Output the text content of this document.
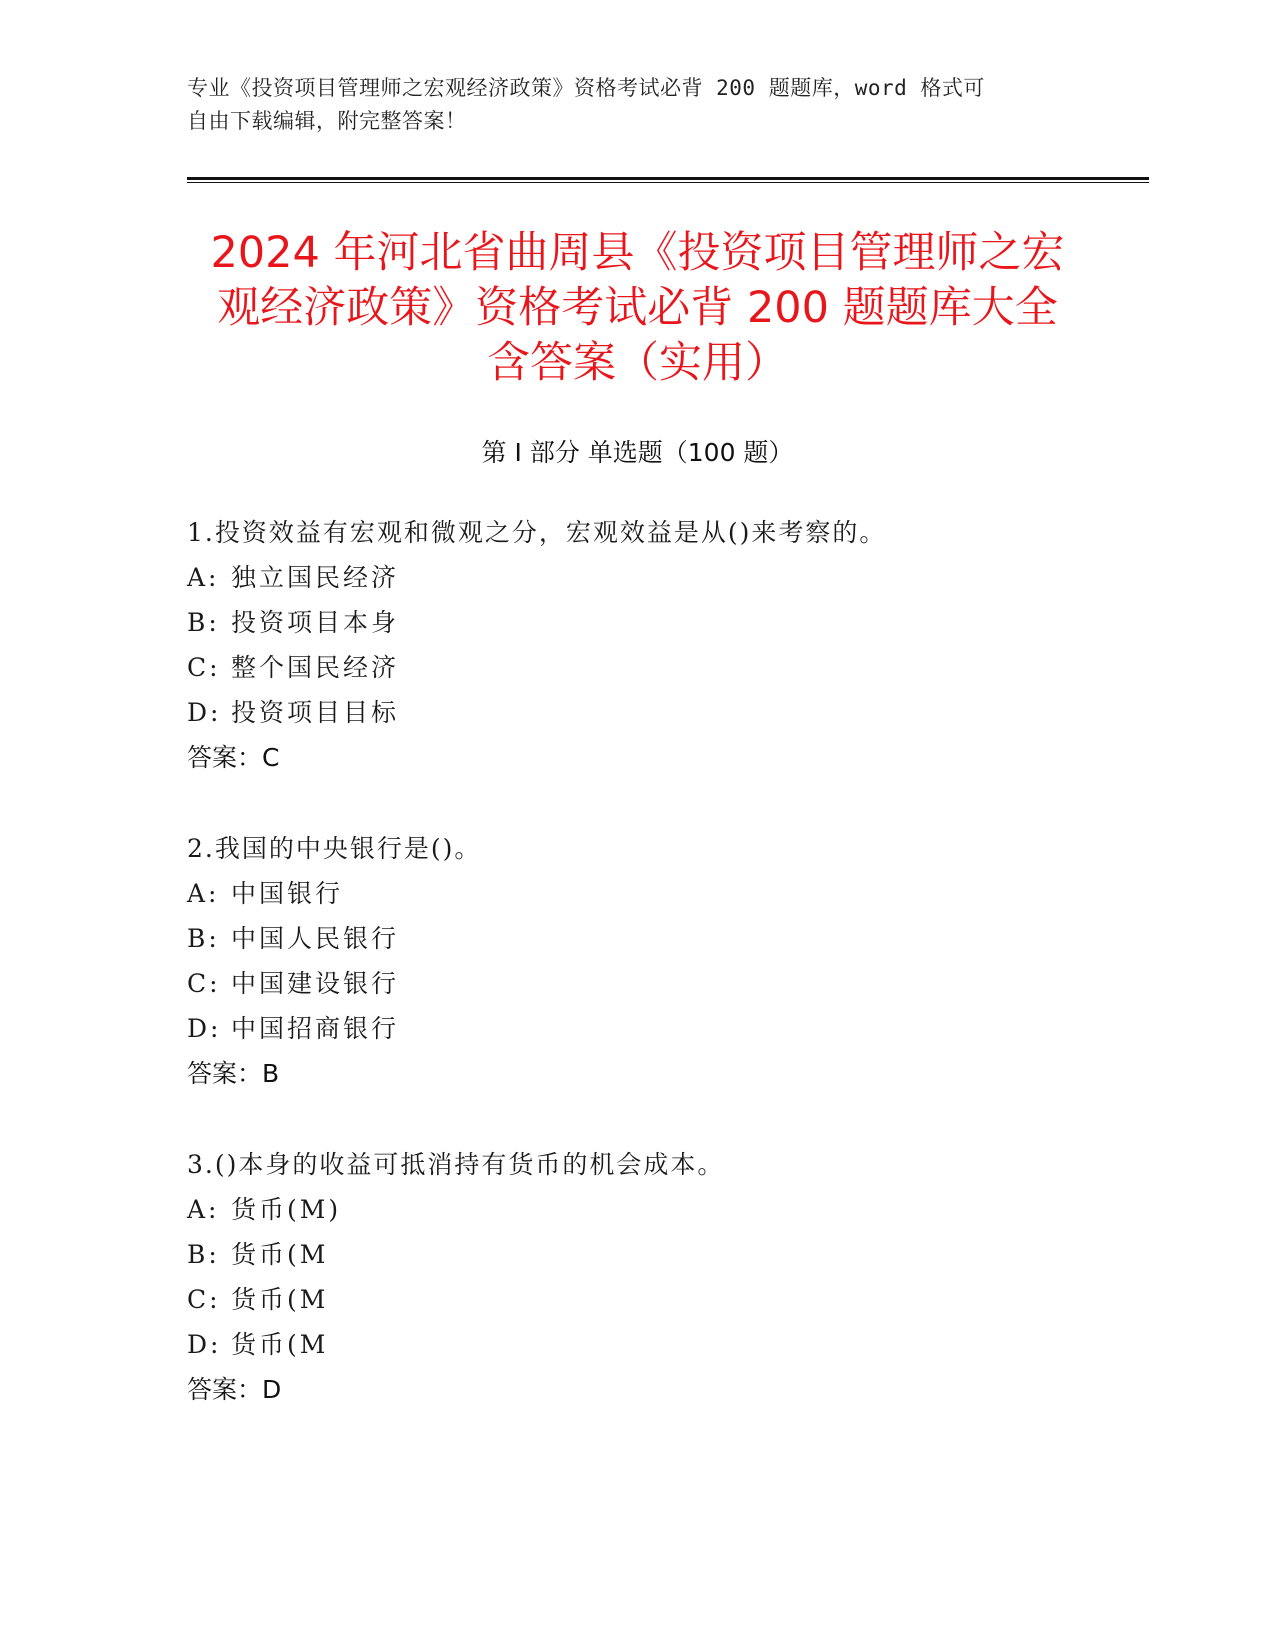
专业《投资项目管理师之宏观经济政策》资格考试必背 200 题题库，word 格式可
自由下载编辑，附完整答案！
2024 年河北省曲周县《投资项目管理师之宏
观经济政策》资格考试必背 200 题题库大全
含答案（实用）
第 I 部分 单选题（100 题）
1.投资效益有宏观和微观之分，宏观效益是从()来考察的。
A: 独立国民经济
B: 投资项目本身
C: 整个国民经济
D: 投资项目目标
答案：C
2.我国的中央银行是()。
A: 中国银行
B: 中国人民银行
C: 中国建设银行
D: 中国招商银行
答案：B
3.()本身的收益可抵消持有货币的机会成本。
A: 货币(M)
B: 货币(M
C: 货币(M
D: 货币(M
答案：D
